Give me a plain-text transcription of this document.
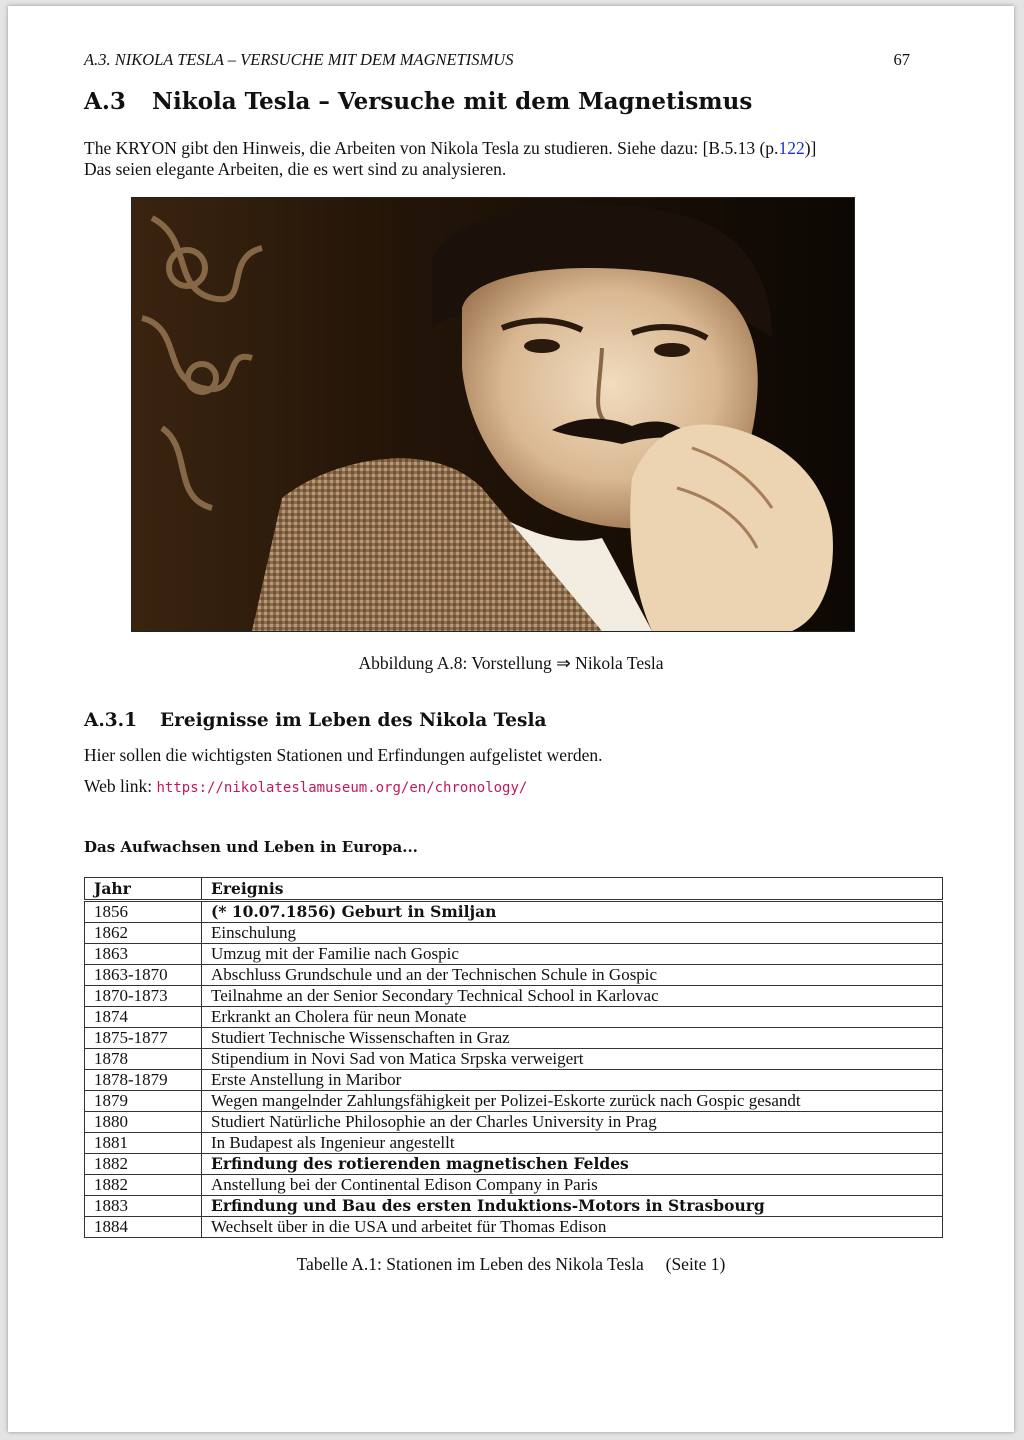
A.3. NIKOLA TESLA – VERSUCHE MIT DEM MAGNETISMUS	67
A.3 Nikola Tesla – Versuche mit dem Magnetismus
The KRYON gibt den Hinweis, die Arbeiten von Nikola Tesla zu studieren. Siehe dazu: [B.5.13 (p.122)]
Das seien elegante Arbeiten, die es wert sind zu analysieren.
Abbildung A.8: Vorstellung ⇒ Nikola Tesla
A.3.1 Ereignisse im Leben des Nikola Tesla
Hier sollen die wichtigsten Stationen und Erfindungen aufgelistet werden.
Web link: https://nikolateslamuseum.org/en/chronology/
Das Aufwachsen und Leben in Europa...
Jahr	Ereignis
1856	(* 10.07.1856) Geburt in Smiljan
1862	Einschulung
1863	Umzug mit der Familie nach Gospic
1863-1870	Abschluss Grundschule und an der Technischen Schule in Gospic
1870-1873	Teilnahme an der Senior Secondary Technical School in Karlovac
1874	Erkrankt an Cholera für neun Monate
1875-1877	Studiert Technische Wissenschaften in Graz
1878	Stipendium in Novi Sad von Matica Srpska verweigert
1878-1879	Erste Anstellung in Maribor
1879	Wegen mangelnder Zahlungsfähigkeit per Polizei-Eskorte zurück nach Gospic gesandt
1880	Studiert Natürliche Philosophie an der Charles University in Prag
1881	In Budapest als Ingenieur angestellt
1882	Erfindung des rotierenden magnetischen Feldes
1882	Anstellung bei der Continental Edison Company in Paris
1883	Erfindung und Bau des ersten Induktions-Motors in Strasbourg
1884	Wechselt über in die USA und arbeitet für Thomas Edison
Tabelle A.1: Stationen im Leben des Nikola Tesla     (Seite 1)
